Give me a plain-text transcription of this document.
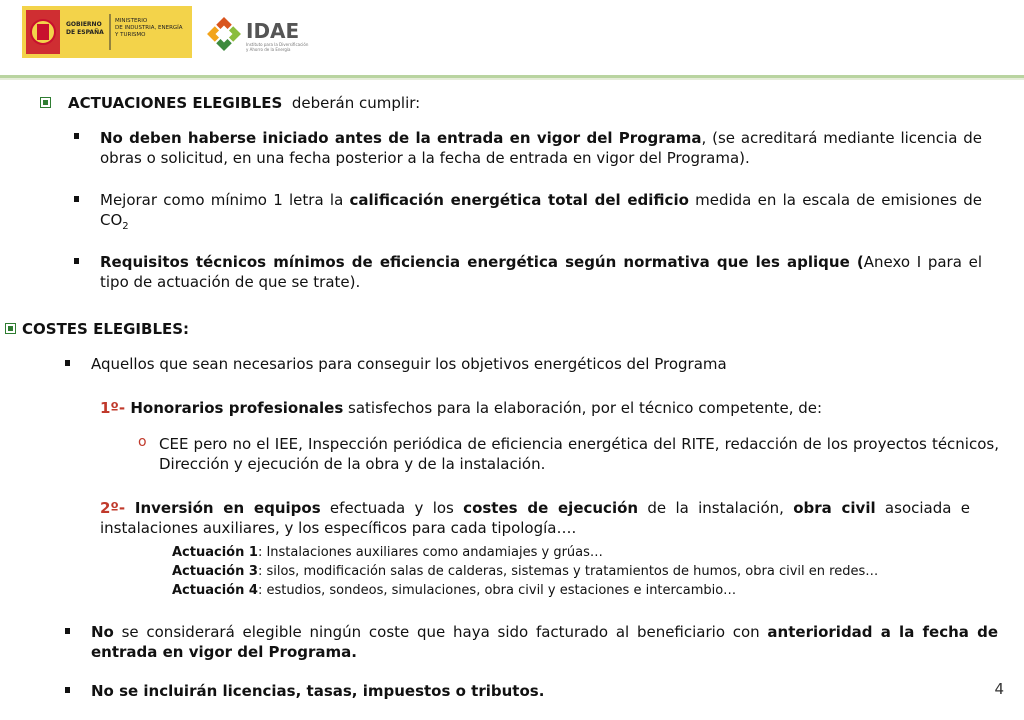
GOBIERNO
DE ESPAÑA
MINISTERIO
DE INDUSTRIA, ENERGÍA
Y TURISMO	IDAE
Instituto para la Diversificación
y Ahorro de la Energía
ACTUACIONES ELEGIBLES deberán cumplir:
No deben haberse iniciado antes de la entrada en vigor del Programa, (se acreditará mediante licencia de obras o solicitud, en una fecha posterior a la fecha de entrada en vigor del Programa).
Mejorar como mínimo 1 letra la calificación energética total del edificio medida en la escala de emisiones de $CO_2$
Requisitos técnicos mínimos de eficiencia energética según normativa que les aplique (Anexo I para el tipo de actuación de que se trate).
COSTES ELEGIBLES:
Aquellos que sean necesarios para conseguir los objetivos energéticos del Programa
1º- Honorarios profesionales satisfechos para la elaboración, por el técnico competente, de:
o CEE pero no el IEE, Inspección periódica de eficiencia energética del RITE, redacción de los proyectos técnicos, Dirección y ejecución de la obra y de la instalación.
2º- Inversión en equipos efectuada y los costes de ejecución de la instalación, obra civil asociada e instalaciones auxiliares, y los específicos para cada tipología….
Actuación 1: Instalaciones auxiliares como andamiajes y grúas…
Actuación 3: silos, modificación salas de calderas, sistemas y tratamientos de humos, obra civil en redes…
Actuación 4: estudios, sondeos, simulaciones, obra civil y estaciones e intercambio…
No se considerará elegible ningún coste que haya sido facturado al beneficiario con anterioridad a la fecha de entrada en vigor del Programa.
No se incluirán licencias, tasas, impuestos o tributos.	4
